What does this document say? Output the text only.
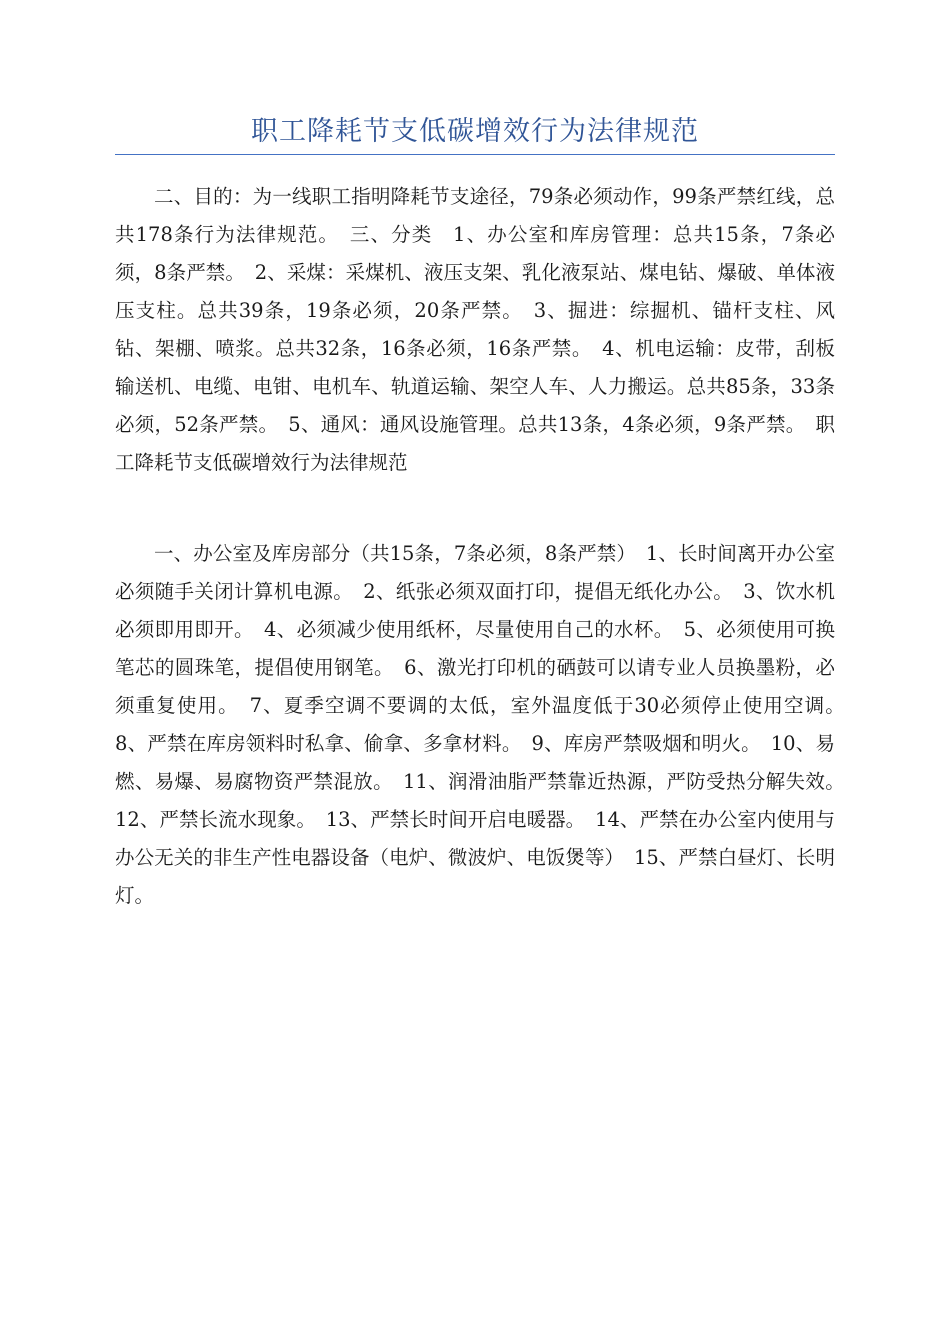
职工降耗节支低碳增效行为法律规范

二、目的：为一线职工指明降耗节支途径，79条必须动作，99条严禁红线，总共178条行为法律规范。　三、分类　1、办公室和库房管理：总共15条，7条必须，8条严禁。　2、采煤：采煤机、液压支架、乳化液泵站、煤电钻、爆破、单体液压支柱。总共39条，19条必须，20条严禁。　3、掘进：综掘机、锚杆支柱、风钻、架棚、喷浆。总共32条，16条必须，16条严禁。　4、机电运输：皮带，刮板输送机、电缆、电钳、电机车、轨道运输、架空人车、人力搬运。总共85条，33条必须，52条严禁。　5、通风：通风设施管理。总共13条，4条必须，9条严禁。　职工降耗节支低碳增效行为法律规范

一、办公室及库房部分（共15条，7条必须，8条严禁）　1、长时间离开办公室必须随手关闭计算机电源。　2、纸张必须双面打印，提倡无纸化办公。　3、饮水机必须即用即开。　4、必须减少使用纸杯，尽量使用自己的水杯。　5、必须使用可换笔芯的圆珠笔，提倡使用钢笔。　6、激光打印机的硒鼓可以请专业人员换墨粉，必须重复使用。　7、夏季空调不要调的太低，室外温度低于30必须停止使用空调。　8、严禁在库房领料时私拿、偷拿、多拿材料。　9、库房严禁吸烟和明火。　10、易燃、易爆、易腐物资严禁混放。　11、润滑油脂严禁靠近热源，严防受热分解失效。　12、严禁长流水现象。　13、严禁长时间开启电暖器。　14、严禁在办公室内使用与办公无关的非生产性电器设备（电炉、微波炉、电饭煲等）　15、严禁白昼灯、长明灯。
